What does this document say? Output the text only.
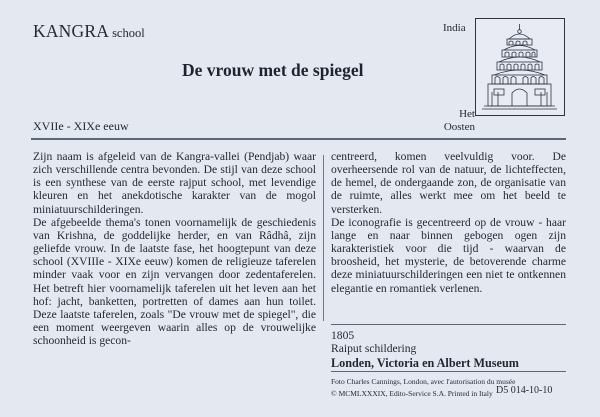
KANGRA school
De vrouw met de spiegel
XVIIe - XIXe eeuw
India
Het
Oosten

Zijn naam is afgeleid van de Kangra-vallei (Pendjab) waar zich verschillende centra bevonden. De stijl van deze school is een synthese van de eerste rajput school, met levendige kleuren en het anekdotische karakter van de mogol miniatuurschilderingen.

De afgebeelde thema's tonen voornamelijk de geschiedenis van Krishna, de goddelijke herder, en van Râdhâ, zijn geliefde vrouw. In de laatste fase, het hoogtepunt van deze school (XVIIIe - XIXe eeuw) komen de religieuze taferelen minder vaak voor en zijn vervangen door zedentaferelen. Het betreft hier voornamelijk taferelen uit het leven aan het hof: jacht, banketten, portretten of dames aan hun toilet. Deze laatste taferelen, zoals "De vrouw met de spiegel", die een moment weergeven waarin alles op de vrouwelijke schoonheid is gecon-

centreerd, komen veelvuldig voor. De overheersende rol van de natuur, de lichteffecten, de hemel, de ondergaande zon, de organisatie van de ruimte, alles werkt mee om het beeld te versterken.

De iconografie is gecentreerd op de vrouw - haar lange en naar binnen gebogen ogen zijn karakteristiek voor die tijd - waarvan de broosheid, het mysterie, de betoverende charme deze miniatuurschilderingen een niet te ontkennen elegantie en romantiek verlenen.

1805
Raiput schildering
Londen, Victoria en Albert Museum
Foto Charles Cannings, London, avec l'autorisation du musée
© MCMLXXXIX, Edito-Service S.A. Printed in Italy D5 014-10-10
